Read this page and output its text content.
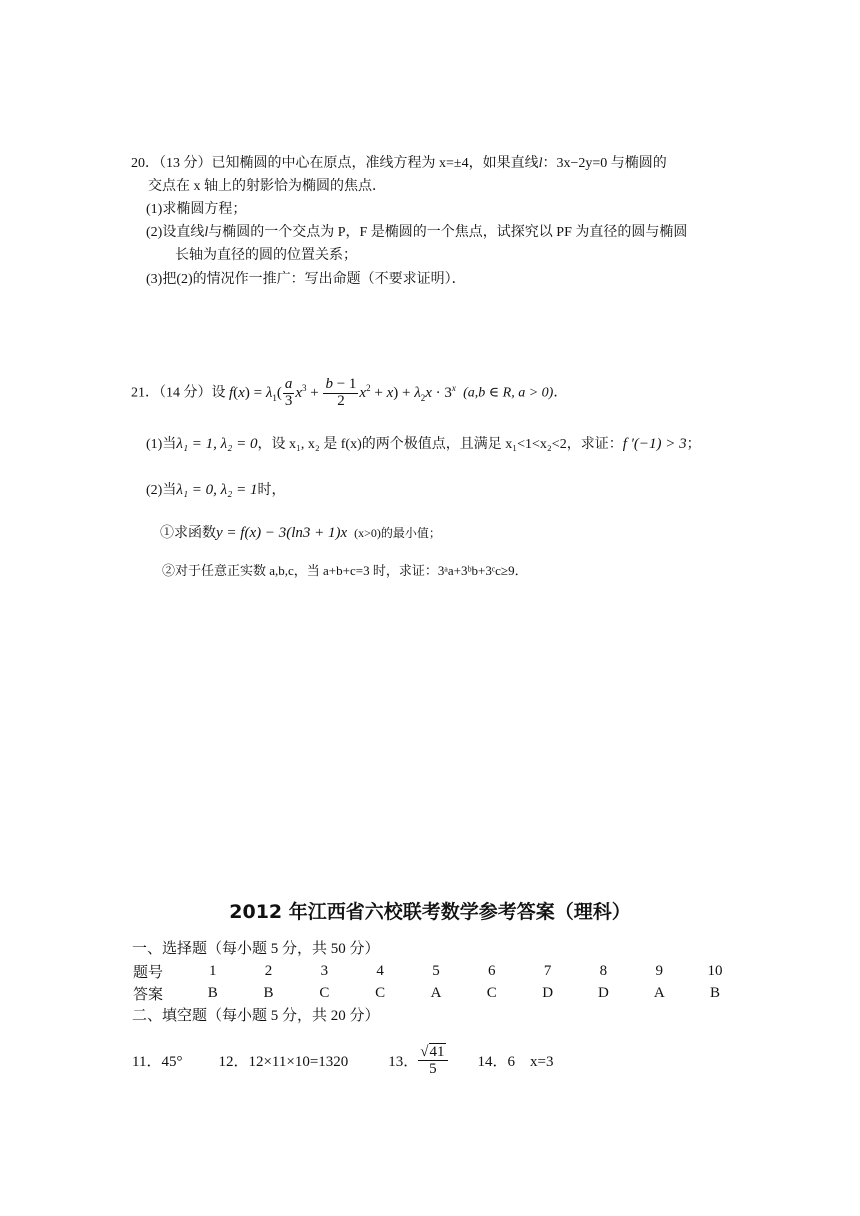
20．（13 分）已知椭圆的中心在原点，准线方程为 x=±4，如果直线l：3x−2y=0 与椭圆的
交点在 x 轴上的射影恰为椭圆的焦点．
(1)求椭圆方程；
(2)设直线l与椭圆的一个交点为 P，F 是椭圆的一个焦点，试探究以 PF 为直径的圆与椭圆
长轴为直径的圆的位置关系；
(3)把(2)的情况作一推广：写出命题（不要求证明）．
21．（14 分）设 $f(x) = \lambda_1( \frac{a}{3} x^3 + \frac{b - 1}{2} x^2 + x) + \lambda_2x \cdot 3^x$ (a,b ∈ R, a > 0)．
(1)当λ₁ = 1, λ₂ = 0，设 x₁, x₂ 是 f(x)的两个极值点，且满足 x₁<1<x₂<2，求证：f ′(−1) > 3；
(2)当λ₁ = 0, λ₂ = 1时，
①求函数y = f(x) − 3(ln3 + 1)x (x>0)的最小值；
②对于任意正实数 a,b,c，当 a+b+c=3 时，求证：3ᵃa+3ᵇb+3ᶜc≥9．
2012 年江西省六校联考数学参考答案（理科）
一、选择题（每小题 5 分，共 50 分）
题号	1	2	3	4	5	6	7	8	9	10
答案	B	B	C	C	A	C	D	D	A	B
二、填空题（每小题 5 分，共 20 分）
11．45° 12．12×11×10=1320	13．
√41
5	14．6　x=3
